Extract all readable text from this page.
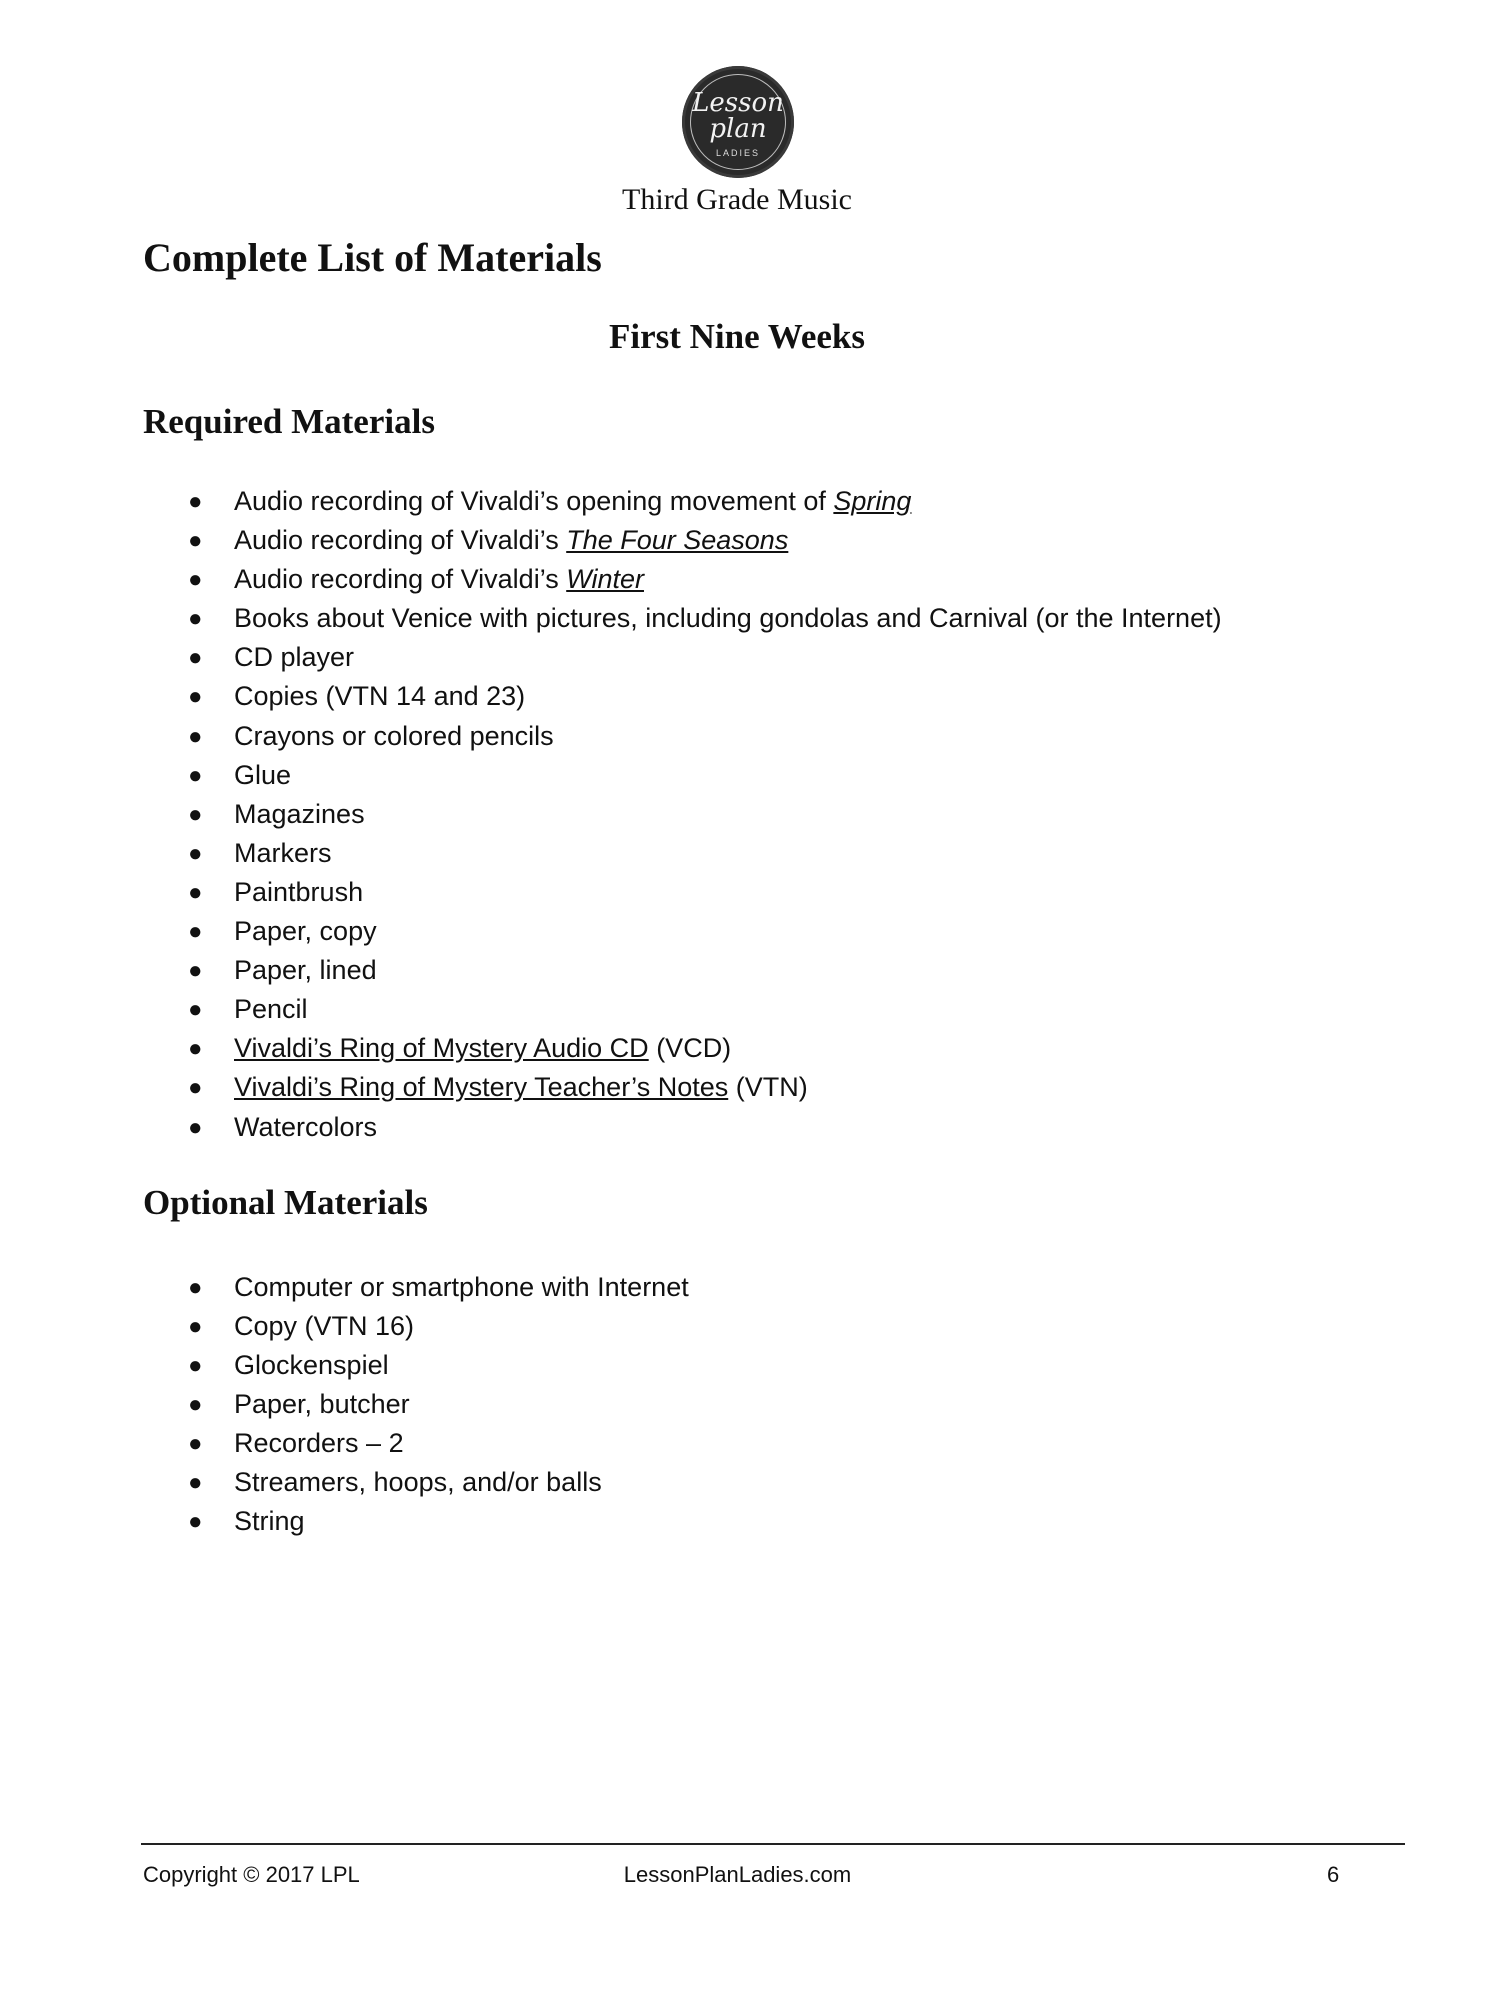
Lesson
plan
LADIES
Third Grade Music
Complete List of Materials
First Nine Weeks
Required Materials
● Audio recording of Vivaldi’s opening movement of Spring
● Audio recording of Vivaldi’s The Four Seasons
● Audio recording of Vivaldi’s Winter
● Books about Venice with pictures, including gondolas and Carnival (or the Internet)
● CD player
● Copies (VTN 14 and 23)
● Crayons or colored pencils
● Glue
● Magazines
● Markers
● Paintbrush
● Paper, copy
● Paper, lined
● Pencil
● Vivaldi’s Ring of Mystery Audio CD (VCD)
● Vivaldi’s Ring of Mystery Teacher’s Notes (VTN)
● Watercolors
Optional Materials
● Computer or smartphone with Internet
● Copy (VTN 16)
● Glockenspiel
● Paper, butcher
● Recorders – 2
● Streamers, hoops, and/or balls
● String
Copyright © 2017 LPL	LessonPlanLadies.com	6
